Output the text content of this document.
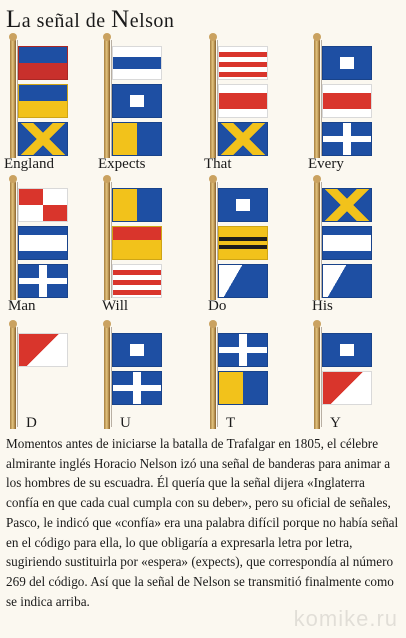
La señal de Nelson
England	Expects	That	Every
Man	Will	Do	His
D	U	T	Y
Momentos antes de iniciarse la batalla de Trafalgar en 1805, el célebre almirante inglés Horacio Nelson izó una señal de banderas para animar a los hombres de su escuadra. Él quería que la señal dijera «Inglaterra confía en que cada cual cumpla con su deber», pero su oficial de señales, Pasco, le indicó que «confía» era una palabra difícil porque no había señal en el código para ella, lo que obligaría a expresarla letra por letra, sugiriendo sustituirla por «espera» (expects), que correspondía al número 269 del código. Así que la señal de Nelson se transmitió finalmente como se indica arriba.
komike.ru
